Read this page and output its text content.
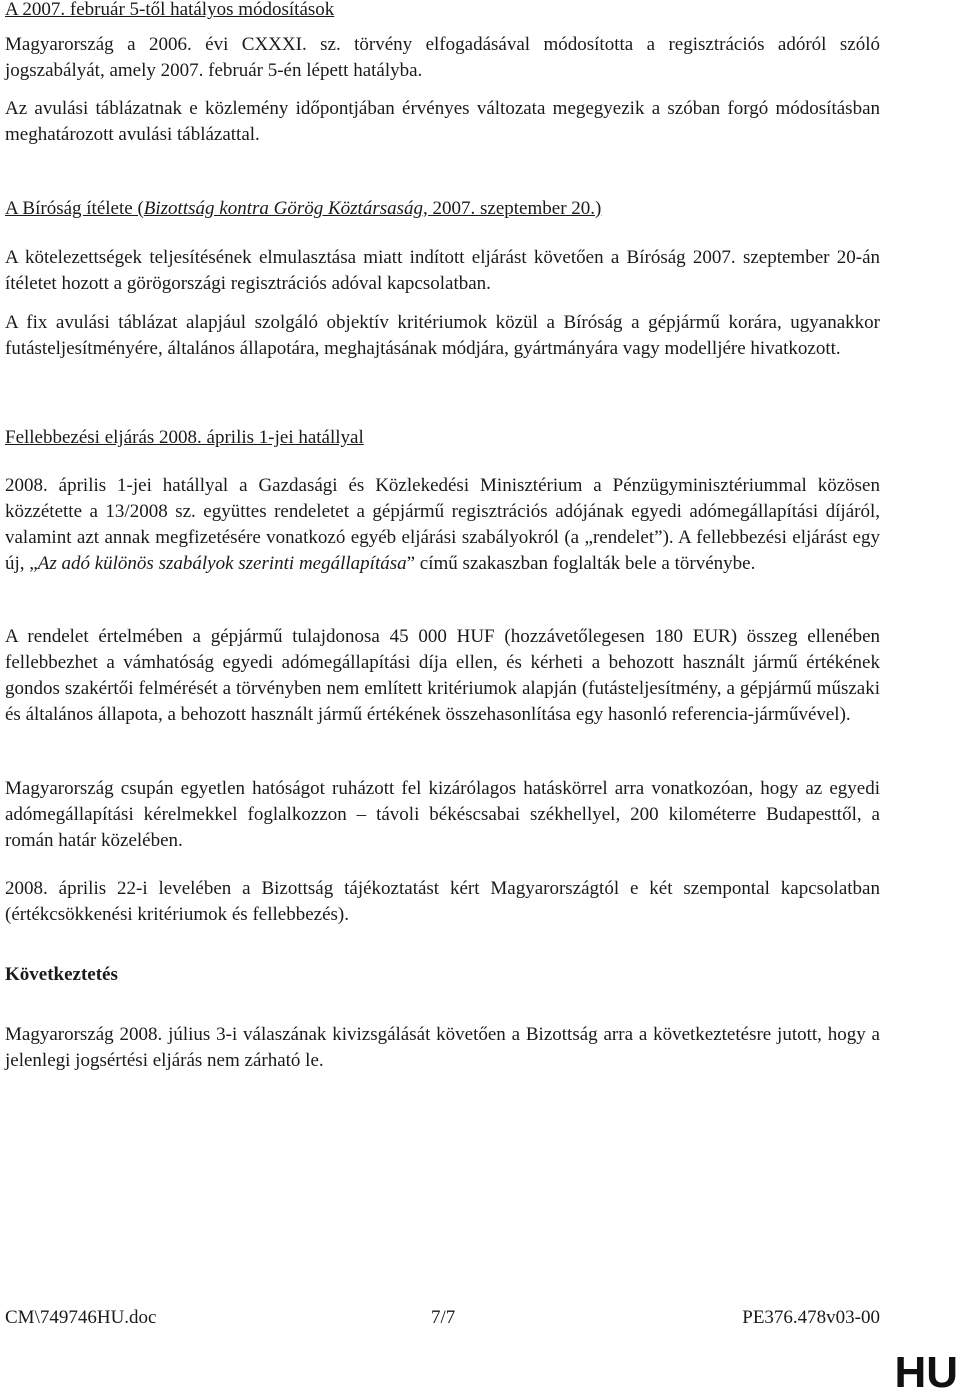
A 2007. február 5-től hatályos módosítások

Magyarország a 2006. évi CXXXI. sz. törvény elfogadásával módosította a regisztrációs adóról szóló jogszabályát, amely 2007. február 5-én lépett hatályba.

Az avulási táblázatnak e közlemény időpontjában érvényes változata megegyezik a szóban forgó módosításban meghatározott avulási táblázattal.

A Bíróság ítélete (Bizottság kontra Görög Köztársaság, 2007. szeptember 20.)

A kötelezettségek teljesítésének elmulasztása miatt indított eljárást követően a Bíróság 2007. szeptember 20-án ítéletet hozott a görögországi regisztrációs adóval kapcsolatban.

A fix avulási táblázat alapjául szolgáló objektív kritériumok közül a Bíróság a gépjármű korára, ugyanakkor futásteljesítményére, általános állapotára, meghajtásának módjára, gyártmányára vagy modelljére hivatkozott.

Fellebbezési eljárás 2008. április 1-jei hatállyal

2008. április 1-jei hatállyal a Gazdasági és Közlekedési Minisztérium a Pénzügyminisztériummal közösen közzétette a 13/2008 sz. együttes rendeletet a gépjármű regisztrációs adójának egyedi adómegállapítási díjáról, valamint azt annak megfizetésére vonatkozó egyéb eljárási szabályokról (a „rendelet”). A fellebbezési eljárást egy új, „Az adó különös szabályok szerinti megállapítása” című szakaszban foglalták bele a törvénybe.

A rendelet értelmében a gépjármű tulajdonosa 45 000 HUF (hozzávetőlegesen 180 EUR) összeg ellenében fellebbezhet a vámhatóság egyedi adómegállapítási díja ellen, és kérheti a behozott használt jármű értékének gondos szakértői felmérését a törvényben nem említett kritériumok alapján (futásteljesítmény, a gépjármű műszaki és általános állapota, a behozott használt jármű értékének összehasonlítása egy hasonló referencia-járművével).

Magyarország csupán egyetlen hatóságot ruházott fel kizárólagos hatáskörrel arra vonatkozóan, hogy az egyedi adómegállapítási kérelmekkel foglalkozzon – távoli békéscsabai székhellyel, 200 kilométerre Budapesttől, a román határ közelében.

2008. április 22-i levelében a Bizottság tájékoztatást kért Magyarországtól e két szempontal kapcsolatban (értékcsökkenési kritériumok és fellebbezés).

Következtetés

Magyarország 2008. július 3-i válaszának kivizsgálását követően a Bizottság arra a következtetésre jutott, hogy a jelenlegi jogsértési eljárás nem zárható le.

CM\749746HU.doc	7/7	PE376.478v03-00
HU
